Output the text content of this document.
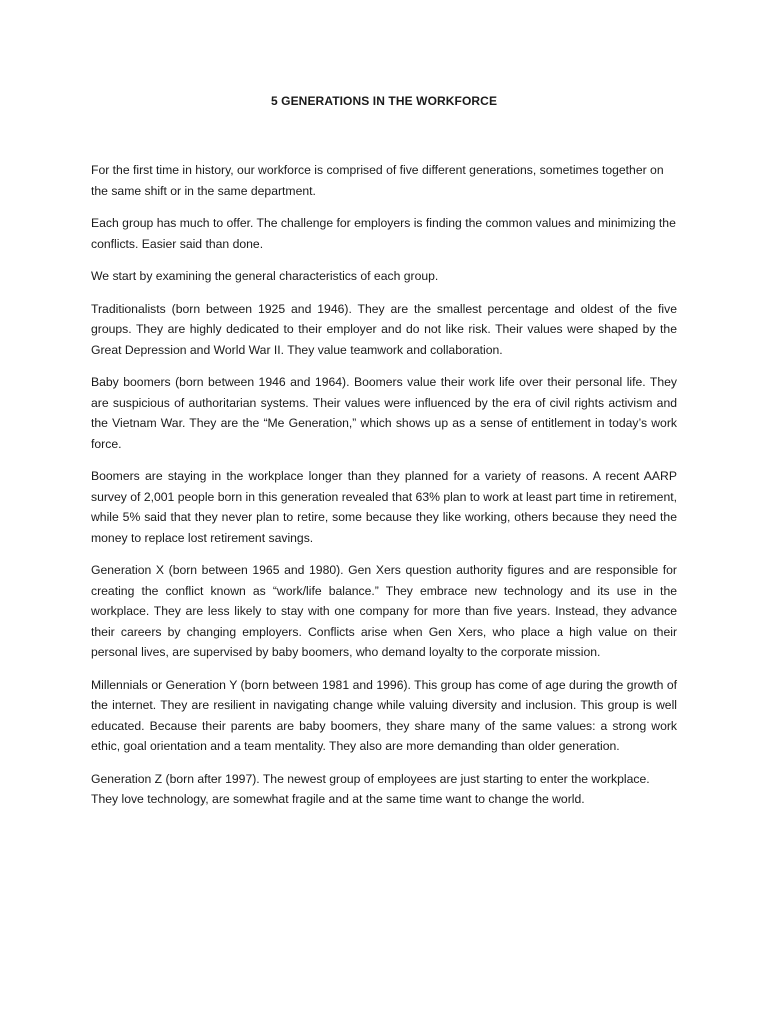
5 GENERATIONS IN THE WORKFORCE

For the first time in history, our workforce is comprised of five different generations, sometimes together on the same shift or in the same department.

Each group has much to offer. The challenge for employers is finding the common values and minimizing the conflicts. Easier said than done.

We start by examining the general characteristics of each group.

Traditionalists (born between 1925 and 1946). They are the smallest percentage and oldest of the five groups. They are highly dedicated to their employer and do not like risk. Their values were shaped by the Great Depression and World War II. They value teamwork and collaboration.

Baby boomers (born between 1946 and 1964). Boomers value their work life over their personal life. They are suspicious of authoritarian systems. Their values were influenced by the era of civil rights activism and the Vietnam War. They are the “Me Generation,” which shows up as a sense of entitlement in today’s work force.

Boomers are staying in the workplace longer than they planned for a variety of reasons. A recent AARP survey of 2,001 people born in this generation revealed that 63% plan to work at least part time in retirement, while 5% said that they never plan to retire, some because they like working, others because they need the money to replace lost retirement savings.

Generation X (born between 1965 and 1980). Gen Xers question authority figures and are responsible for creating the conflict known as “work/life balance.” They embrace new technology and its use in the workplace. They are less likely to stay with one company for more than five years. Instead, they advance their careers by changing employers. Conflicts arise when Gen Xers, who place a high value on their personal lives, are supervised by baby boomers, who demand loyalty to the corporate mission.

Millennials or Generation Y (born between 1981 and 1996). This group has come of age during the growth of the internet. They are resilient in navigating change while valuing diversity and inclusion. This group is well educated. Because their parents are baby boomers, they share many of the same values: a strong work ethic, goal orientation and a team mentality. They also are more demanding than older generation.

Generation Z (born after 1997). The newest group of employees are just starting to enter the workplace. They love technology, are somewhat fragile and at the same time want to change the world.
